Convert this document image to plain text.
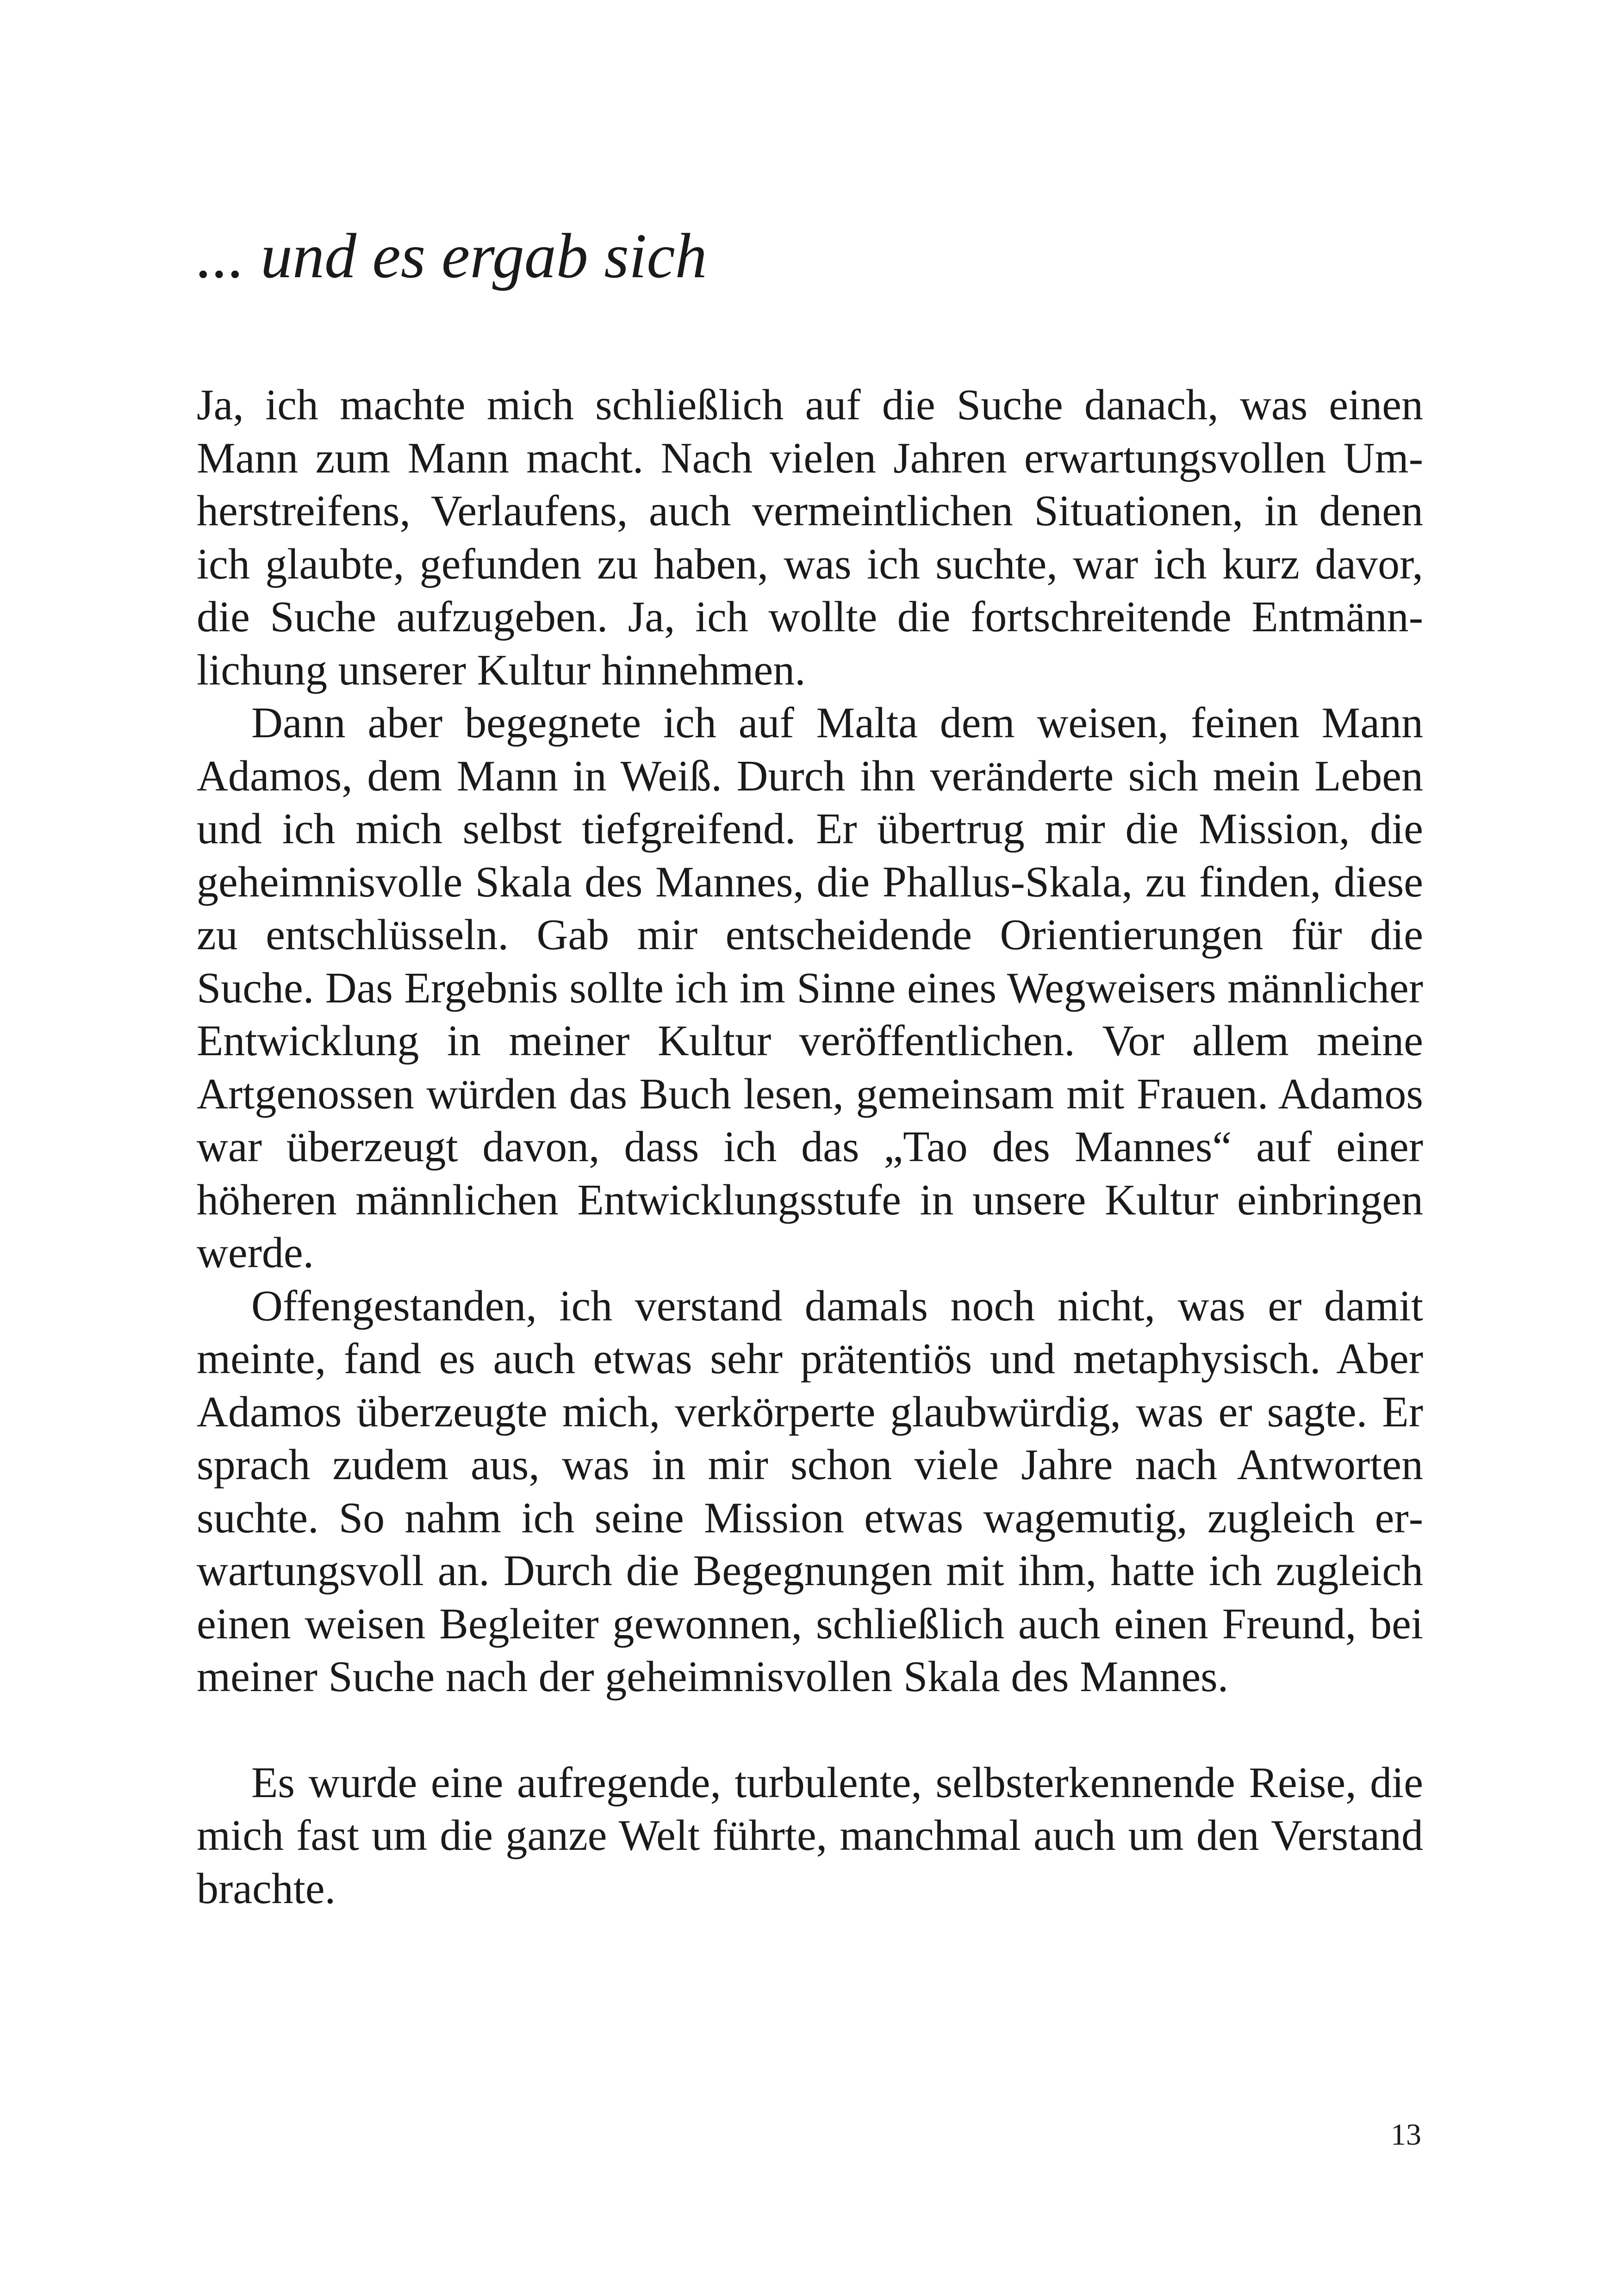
... und es ergab sich

Ja, ich machte mich schließlich auf die Suche danach, was einen Mann zum Mann macht. Nach vielen Jahren erwartungsvollen Umherstreifens, Verlaufens, auch vermeintlichen Situationen, in denen ich glaubte, gefunden zu haben, was ich suchte, war ich kurz davor, die Suche aufzugeben. Ja, ich wollte die fortschreitende Entmännlichung unserer Kultur hinnehmen.

Dann aber begegnete ich auf Malta dem weisen, feinen Mann Adamos, dem Mann in Weiß. Durch ihn veränderte sich mein Leben und ich mich selbst tiefgreifend. Er übertrug mir die Mission, die geheimnisvolle Skala des Mannes, die Phallus-Skala, zu finden, diese zu entschlüsseln. Gab mir entscheidende Orientierungen für die Suche. Das Ergebnis sollte ich im Sinne eines Wegweisers männlicher Entwicklung in meiner Kultur veröffentlichen. Vor allem meine Artgenossen würden das Buch lesen, gemeinsam mit Frauen. Adamos war überzeugt davon, dass ich das „Tao des Mannes“ auf einer höheren männlichen Entwicklungsstufe in unsere Kultur einbringen werde.

Offengestanden, ich verstand damals noch nicht, was er damit meinte, fand es auch etwas sehr prätentiös und metaphysisch. Aber Adamos überzeugte mich, verkörperte glaubwürdig, was er sagte. Er sprach zudem aus, was in mir schon viele Jahre nach Antworten suchte. So nahm ich seine Mission etwas wagemutig, zugleich erwartungsvoll an. Durch die Begegnungen mit ihm, hatte ich zugleich einen weisen Begleiter gewonnen, schließlich auch einen Freund, bei meiner Suche nach der geheimnisvollen Skala des Mannes.

Es wurde eine aufregende, turbulente, selbsterkennende Reise, die mich fast um die ganze Welt führte, manchmal auch um den Verstand brachte.

13
